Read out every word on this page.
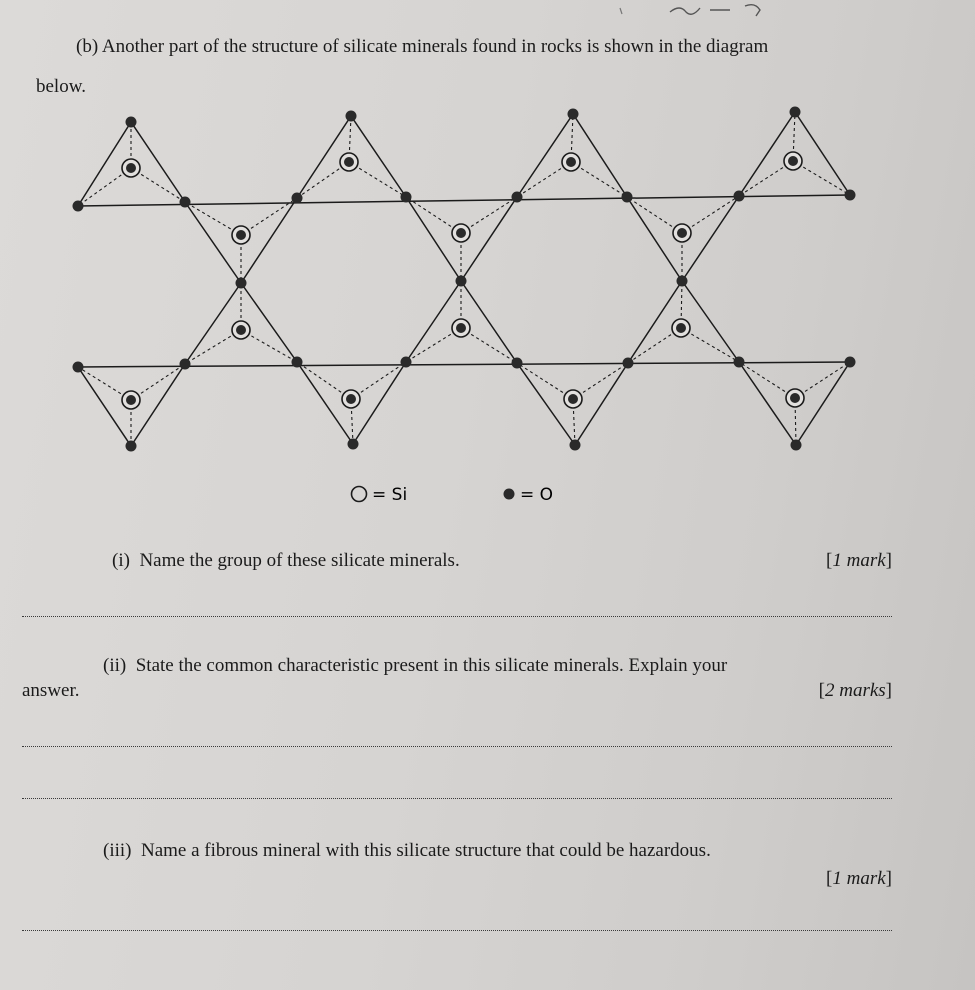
(b) Another part of the structure of silicate minerals found in rocks is shown in the diagram
below.
= Si	= O
(i) Name the group of these silicate minerals.	[1 mark]
(ii) State the common characteristic present in this silicate minerals. Explain your
answer.	[2 marks]
(iii) Name a fibrous mineral with this silicate structure that could be hazardous.
[1 mark]
